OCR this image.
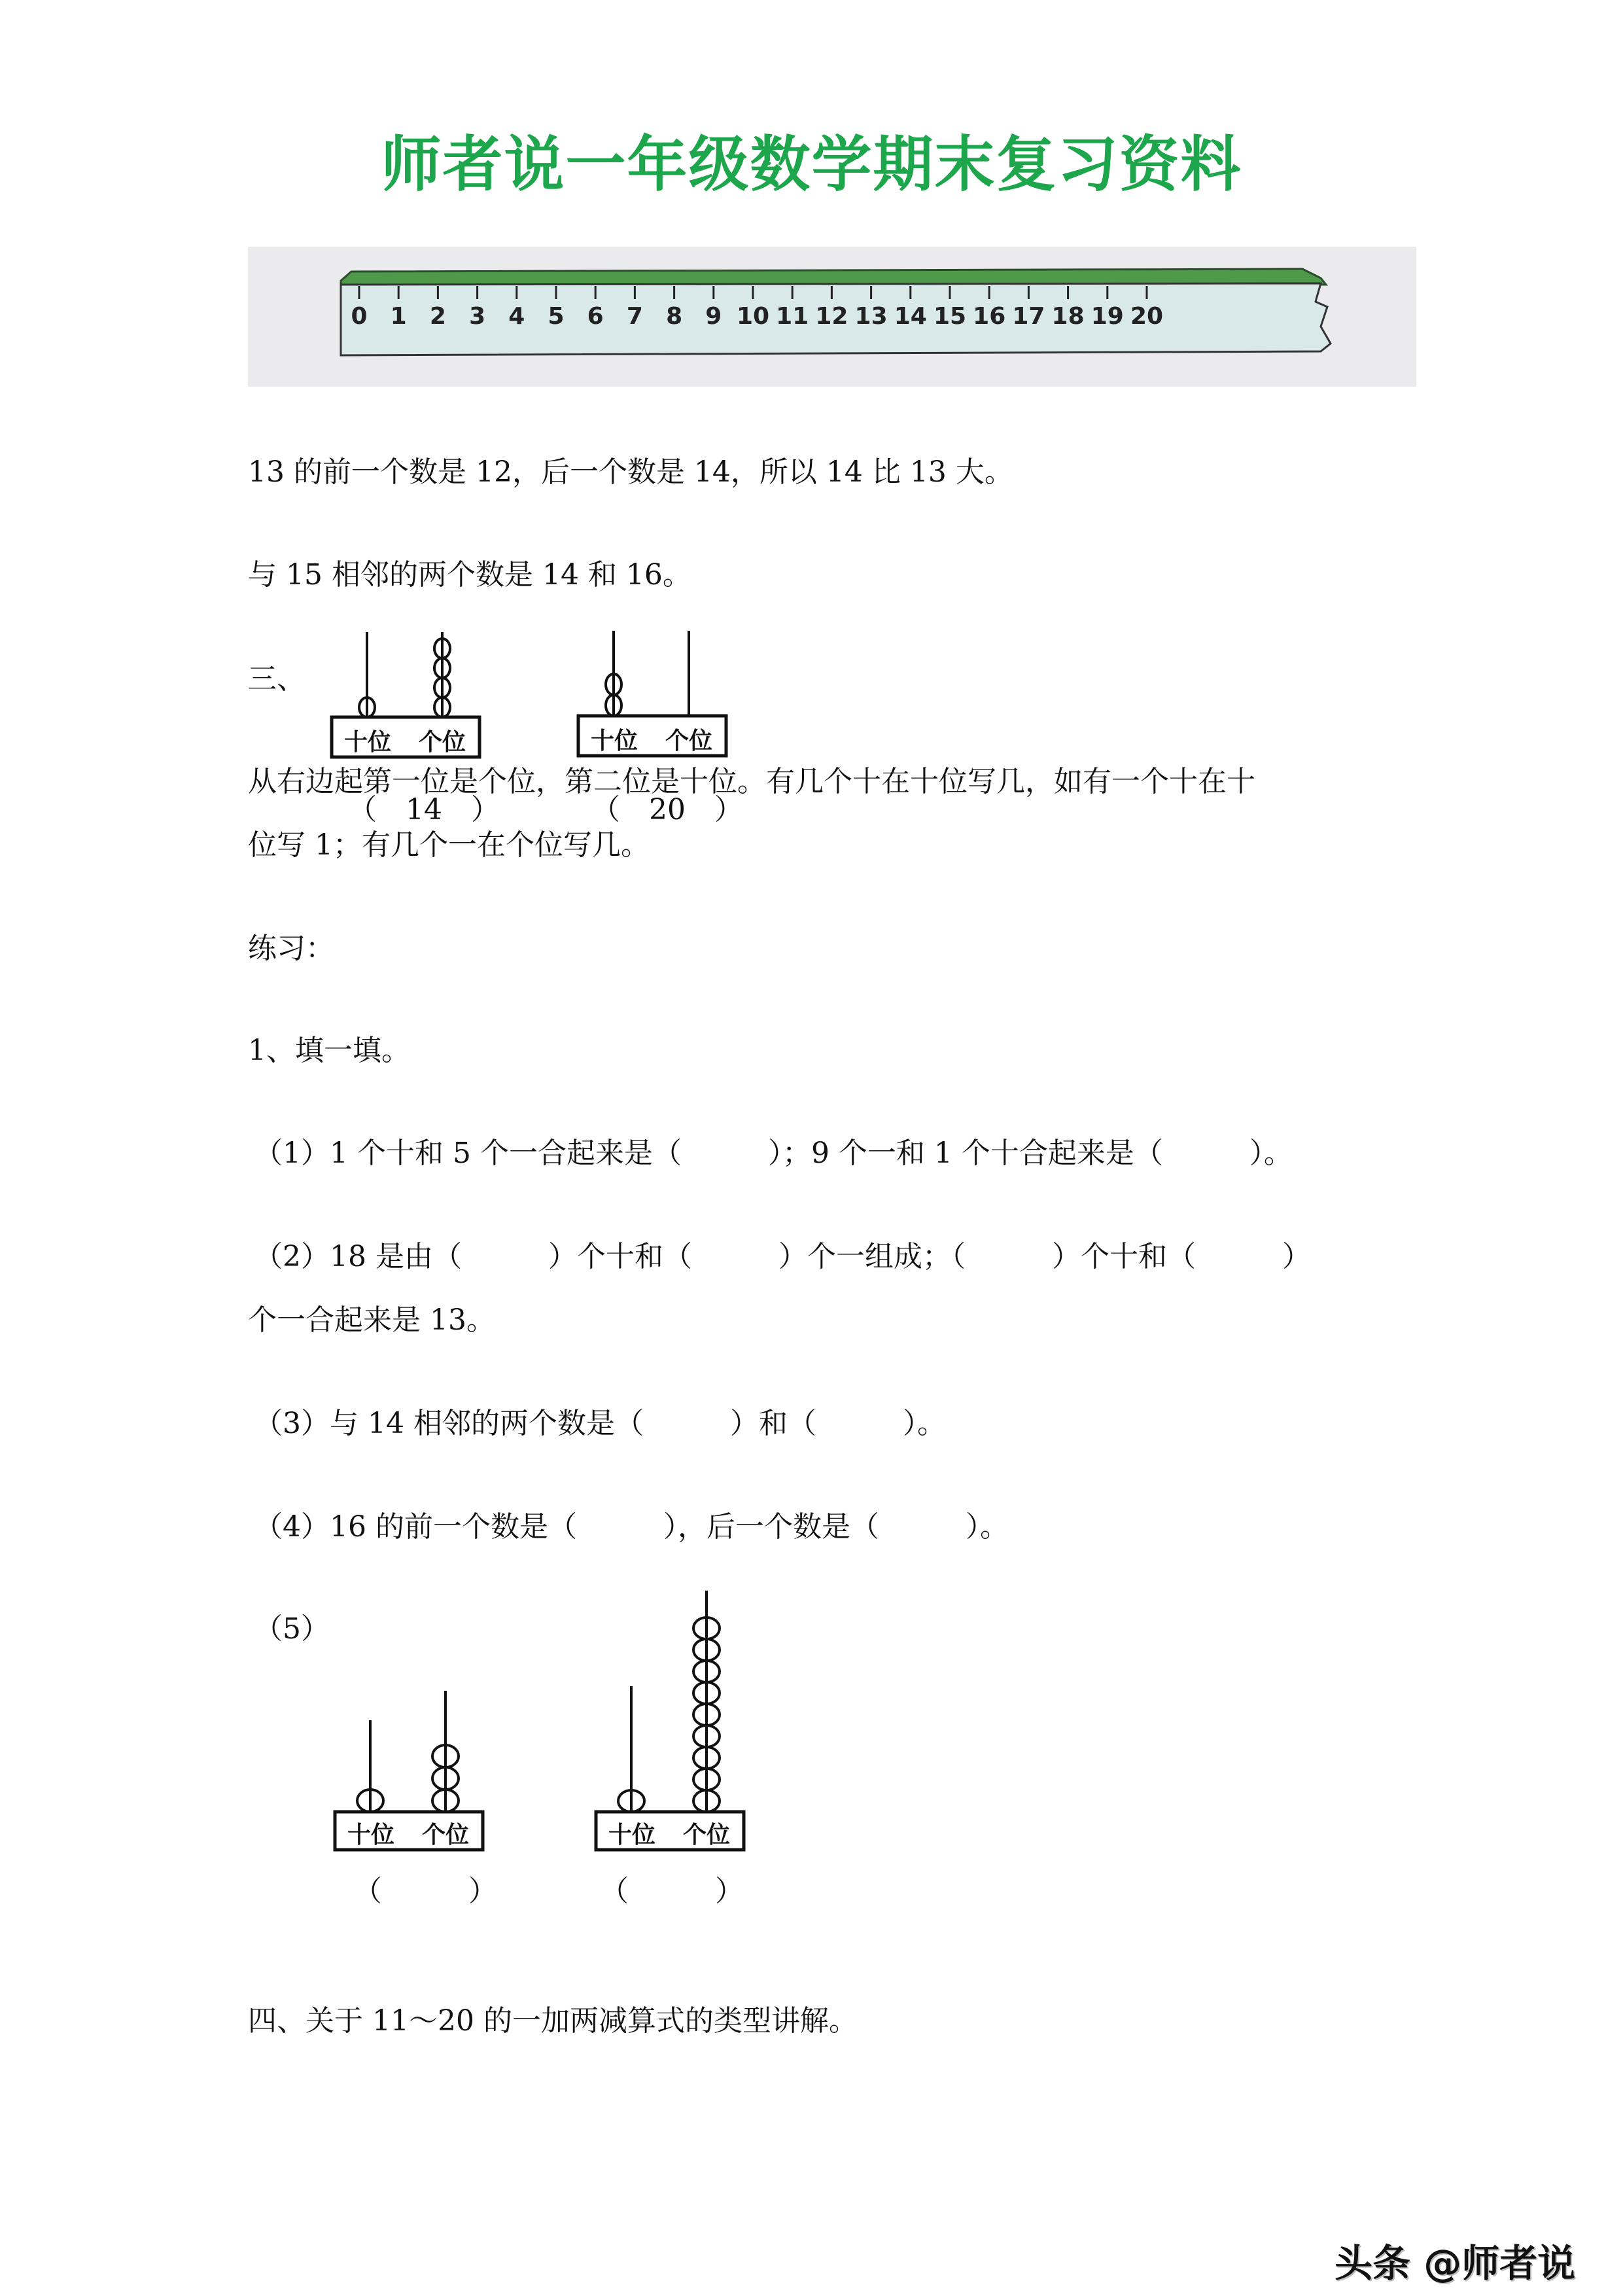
师者说一年级数学期末复习资料
0 1 2 3 4 5 6 7 8 9 10 11 12 13 14 15 16 17 18 19 20
13 的前一个数是 12，后一个数是 14，所以 14 比 13 大。
与 15 相邻的两个数是 14 和 16。
三、
十位 个位	十位 个位
从右边起第一位是个位，第二位是十位。有几个十在十位写几，如有一个十在十
（　14　）	（　20　）
位写 1；有几个一在个位写几。
练习：
1、填一填。
（1）1 个十和 5 个一合起来是（　　　）；9 个一和 1 个十合起来是（　　　）。
（2）18 是由（　　　）个十和（　　　）个一组成；（　　　）个十和（　　　）
个一合起来是 13。
（3）与 14 相邻的两个数是（　　　）和（　　　）。
（4）16 的前一个数是（　　　），后一个数是（　　　）。
（5）
十位 个位	十位 个位
（　　　）	（　　　）
四、关于 11～20 的一加两减算式的类型讲解。
头条 @师者说
